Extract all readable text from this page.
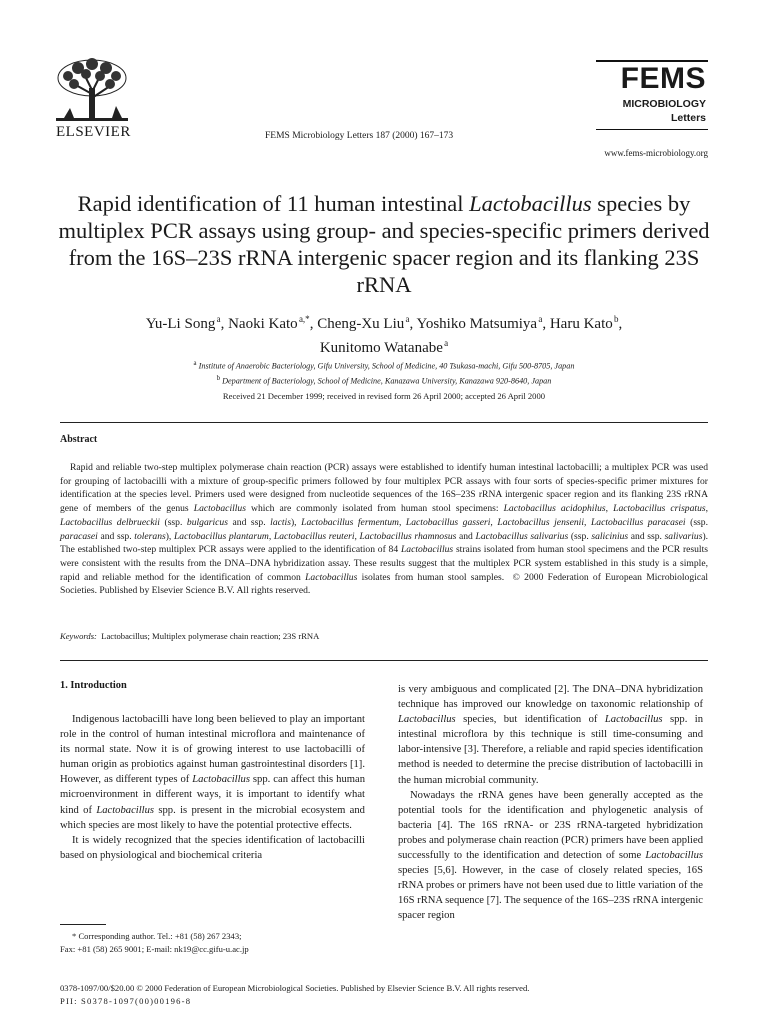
ELSEVIER	FEMS Microbiology Letters 187 (2000) 167–173
FEMS
MICROBIOLOGY
Letters
www.fems-microbiology.org
Rapid identification of 11 human intestinal Lactobacillus species by multiplex PCR assays using group- and species-specific primers derived from the 16S–23S rRNA intergenic spacer region and its flanking 23S rRNA
Yu-Li Song $^a$, Naoki Kato $^{a,*}$, Cheng-Xu Liu $^a$, Yoshiko Matsumiya $^a$, Haru Kato $^b$,
Kunitomo Watanabe $^a$
$^a$ Institute of Anaerobic Bacteriology, Gifu University, School of Medicine, 40 Tsukasa-machi, Gifu 500-8705, Japan
$^b$ Department of Bacteriology, School of Medicine, Kanazawa University, Kanazawa 920-8640, Japan
Received 21 December 1999; received in revised form 26 April 2000; accepted 26 April 2000
Abstract
Rapid and reliable two-step multiplex polymerase chain reaction (PCR) assays were established to identify human intestinal lactobacilli; a multiplex PCR was used for grouping of lactobacilli with a mixture of group-specific primers followed by four multiplex PCR assays with four sorts of species-specific primer mixtures for identification at the species level. Primers used were designed from nucleotide sequences of the 16S–23S rRNA intergenic spacer region and its flanking 23S rRNA gene of members of the genus Lactobacillus which are commonly isolated from human stool specimens: Lactobacillus acidophilus, Lactobacillus crispatus, Lactobacillus delbrueckii (ssp. bulgaricus and ssp. lactis), Lactobacillus fermentum, Lactobacillus gasseri, Lactobacillus jensenii, Lactobacillus paracasei (ssp. paracasei and ssp. tolerans), Lactobacillus plantarum, Lactobacillus reuteri, Lactobacillus rhamnosus and Lactobacillus salivarius (ssp. salicinius and ssp. salivarius). The established two-step multiplex PCR assays were applied to the identification of 84 Lactobacillus strains isolated from human stool specimens and the PCR results were consistent with the results from the DNA–DNA hybridization assay. These results suggest that the multiplex PCR system established in this study is a simple, rapid and reliable method for the identification of common Lactobacillus isolates from human stool samples.  © 2000 Federation of European Microbiological Societies. Published by Elsevier Science B.V. All rights reserved.
Keywords: Lactobacillus; Multiplex polymerase chain reaction; 23S rRNA
1. Introduction

Indigenous lactobacilli have long been believed to play an important role in the control of human intestinal microflora and maintenance of its normal state. Now it is of growing interest to use lactobacilli of human origin as probiotics against human gastrointestinal disorders [1]. However, as different types of Lactobacillus spp. can affect this human microenvironment in different ways, it is important to identify what kind of Lactobacillus spp. is present in the microbial ecosystem and which species are most likely to have the potential protective effects.

It is widely recognized that the species identification of lactobacilli based on physiological and biochemical criteria

is very ambiguous and complicated [2]. The DNA–DNA hybridization technique has improved our knowledge on taxonomic relationship of Lactobacillus species, but identification of Lactobacillus spp. in intestinal microflora by this technique is still time-consuming and labor-intensive [3]. Therefore, a reliable and rapid species identification method is needed to determine the precise distribution of lactobacilli in the human microbial community.

Nowadays the rRNA genes have been generally accepted as the potential tools for the identification and phylogenetic analysis of bacteria [4]. The 16S rRNA- or 23S rRNA-targeted hybridization probes and polymerase chain reaction (PCR) primers have been applied successfully to the identification and detection of some Lactobacillus species [5,6]. However, in the case of closely related species, 16S rRNA probes or primers have not been used due to little variation of the 16S rRNA sequence [7]. The sequence of the 16S–23S rRNA intergenic spacer region

* Corresponding author. Tel.: +81 (58) 267 2343;
Fax: +81 (58) 265 9001; E-mail: nk19@cc.gifu-u.ac.jp
0378-1097/00/$20.00 © 2000 Federation of European Microbiological Societies. Published by Elsevier Science B.V. All rights reserved.
PII: S0378-1097(00)00196-8
